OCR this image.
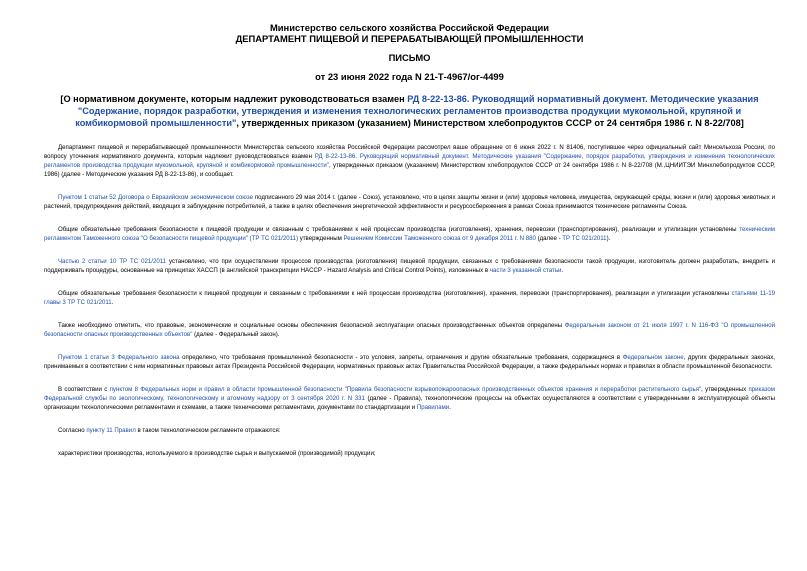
Министерство сельского хозяйства Российской Федерации
ДЕПАРТАМЕНТ ПИЩЕВОЙ И ПЕРЕРАБАТЫВАЮЩЕЙ ПРОМЫШЛЕННОСТИ
ПИСЬМО
от 23 июня 2022 года N 21-Т-4967/ог-4499
[О нормативном документе, которым надлежит руководствоваться взамен РД 8-22-13-86. Руководящий нормативный документ. Методические указания "Содержание, порядок разработки, утверждения и изменения технологических регламентов производства продукции мукомольной, крупяной и комбикормовой промышленности", утвержденных приказом (указанием) Министерством хлебопродуктов СССР от 24 сентября 1986 г. N 8-22/708]

Департамент пищевой и перерабатывающей промышленности Министерства сельского хозяйства Российской Федерации рассмотрел ваше обращение от 6 июня 2022 г. N 81406, поступившее через официальный сайт Минсельхоза России, по вопросу уточнения нормативного документа, которым надлежит руководствоваться взамен РД 8-22-13-86. Руководящий нормативный документ. Методические указания "Содержание, порядок разработки, утверждения и изменения технологических регламентов производства продукции мукомольной, крупяной и комбикормовой промышленности", утвержденных приказом (указанием) Министерством хлебопродуктов СССР от 24 сентября 1986 г. N 8-22/708 (М.,ЦНИИТЭИ Минхлебопродуктов СССР, 1986) (далее - Методические указания РД 8-22-13-86), и сообщает.

Пунктом 1 статьи 52 Договора о Евразийском экономическом союзе подписанного 29 мая 2014 г. (далее - Союз), установлено, что в целях защиты жизни и (или) здоровья человека, имущества, окружающей среды, жизни и (или) здоровья животных и растений, предупреждения действий, вводящих в заблуждение потребителей, а также в целях обеспечения энергетической эффективности и ресурсосбережения в рамках Союза принимаются технические регламенты Союза.

Общие обязательные требования безопасности к пищевой продукции и связанным с требованиями к ней процессам производства (изготовления), хранения, перевозки (транспортирования), реализации и утилизации установлены техническим регламентом Таможенного союза "О безопасности пищевой продукции" (ТР ТС 021/2011) утвержденным Решением Комиссии Таможенного союза от 9 декабря 2011 г. N 880 (далее - ТР ТС 021/2011).

Частью 2 статьи 10 ТР ТС 021/2011 установлено, что при осуществлении процессов производства (изготовления) пищевой продукции, связанных с требованиями безопасности такой продукции, изготовитель должен разработать, внедрить и поддерживать процедуры, основанные на принципах ХАССП (в английской транскрипции HACCP - Hazard Analysis and Critical Control Points), изложенных в части 3 указанной статьи.

Общие обязательные требования безопасности к пищевой продукции и связанным с требованиями к ней процессам производства (изготовления), хранения, перевозки (транспортирования), реализации и утилизации установлены статьями 11-19 главы 3 ТР ТС 021/2011.

Также необходимо отметить, что правовые, экономические и социальные основы обеспечения безопасной эксплуатации опасных производственных объектов определены Федеральным законом от 21 июля 1997 г. N 116-ФЗ "О промышленной безопасности опасных производственных объектов" (далее - Федеральный закон).

Пунктом 1 статьи 3 Федерального закона определено, что требования промышленной безопасности - это условия, запреты, ограничения и другие обязательные требования, содержащиеся в Федеральном законе, других федеральных законах, принимаемых в соответствии с ним нормативных правовых актах Президента Российской Федерации, нормативных правовых актах Правительства Российской Федерации, а также федеральных нормах и правилах в области промышленной безопасности.

В соответствии с пунктом 8 Федеральных норм и правил в области промышленной безопасности "Правила безопасности взрывопожароопасных производственных объектов хранения и переработки растительного сырья", утвержденных приказом Федеральной службы по экологическому, технологическому и атомному надзору от 3 сентября 2020 г. N 331 (далее - Правила), технологические процессы на объектах осуществляются в соответствии с утвержденными в эксплуатирующей объекты организации технологическими регламентами и схемами, а также техническими регламентами, документами по стандартизации и Правилами.

Согласно пункту 11 Правил в таком технологическом регламенте отражаются:

характеристики производства, используемого в производстве сырья и выпускаемой (производимой) продукции;
